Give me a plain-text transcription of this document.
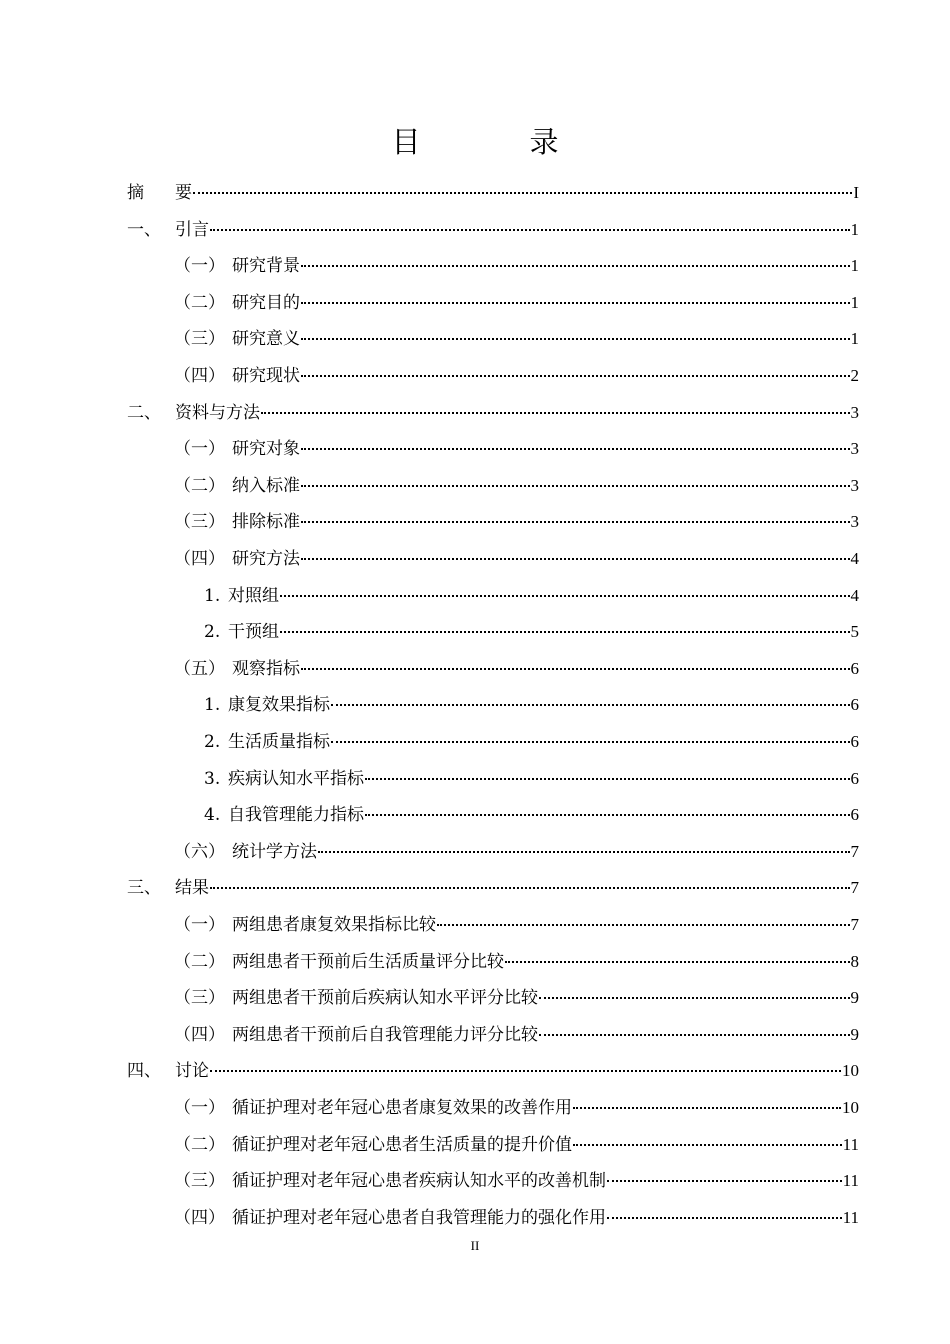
目　录
摘　 要	I
一、 引言	1
（一） 研究背景	1
（二） 研究目的	1
（三） 研究意义	1
（四） 研究现状	2
二、 资料与方法	3
（一） 研究对象	3
（二） 纳入标准	3
（三） 排除标准	3
（四） 研究方法	4
1. 对照组	4
2. 干预组	5
（五） 观察指标	6
1. 康复效果指标	6
2. 生活质量指标	6
3. 疾病认知水平指标	6
4. 自我管理能力指标	6
（六） 统计学方法	7
三、 结果	7
（一） 两组患者康复效果指标比较	7
（二） 两组患者干预前后生活质量评分比较	8
（三） 两组患者干预前后疾病认知水平评分比较	9
（四） 两组患者干预前后自我管理能力评分比较	9
四、 讨论	10
（一） 循证护理对老年冠心患者康复效果的改善作用	10
（二） 循证护理对老年冠心患者生活质量的提升价值	11
（三） 循证护理对老年冠心患者疾病认知水平的改善机制	11
（四） 循证护理对老年冠心患者自我管理能力的强化作用	11
II
